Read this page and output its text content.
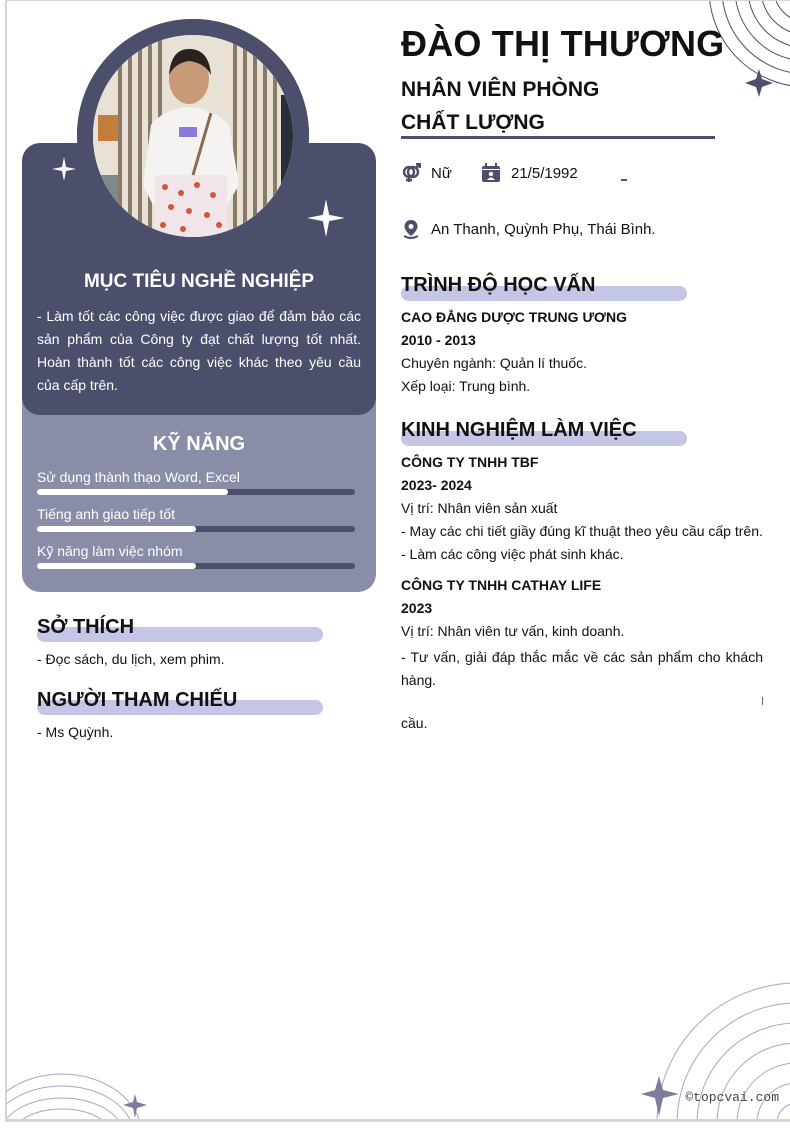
MỤC TIÊU NGHỀ NGHIỆP
- Làm tốt các công việc được giao để đảm bảo các sản phẩm của Công ty đạt chất lượng tốt nhất. Hoàn thành tốt các công việc khác theo yêu cầu của cấp trên.
KỸ NĂNG
Sử dụng thành thạo Word, Excel
Tiếng anh giao tiếp tốt
Kỹ năng làm việc nhóm
SỞ THÍCH
- Đọc sách, du lịch, xem phim.
NGƯỜI THAM CHIẾU
- Ms Quỳnh.
ĐÀO THỊ THƯƠNG
NHÂN VIÊN PHÒNG
CHẤT LƯỢNG
Nữ	21/5/1992
An Thanh, Quỳnh Phụ, Thái Bình.
TRÌNH ĐỘ HỌC VẤN
CAO ĐẲNG DƯỢC TRUNG ƯƠNG
2010 - 2013
Chuyên ngành: Quản lí thuốc.
Xếp loại: Trung bình.
KINH NGHIỆM LÀM VIỆC
CÔNG TY TNHH TBF
2023- 2024
Vị trí: Nhân viên sản xuất
- May các chi tiết giầy đúng kĩ thuật theo yêu cầu cấp trên.
- Làm các công việc phát sinh khác.
CÔNG TY TNHH CATHAY LIFE
2023
Vị trí: Nhân viên tư vấn, kinh doanh.
- Tư vấn, giải đáp thắc mắc về các sản phẩm cho khách hàng.
cầu.
©topcvai.com
